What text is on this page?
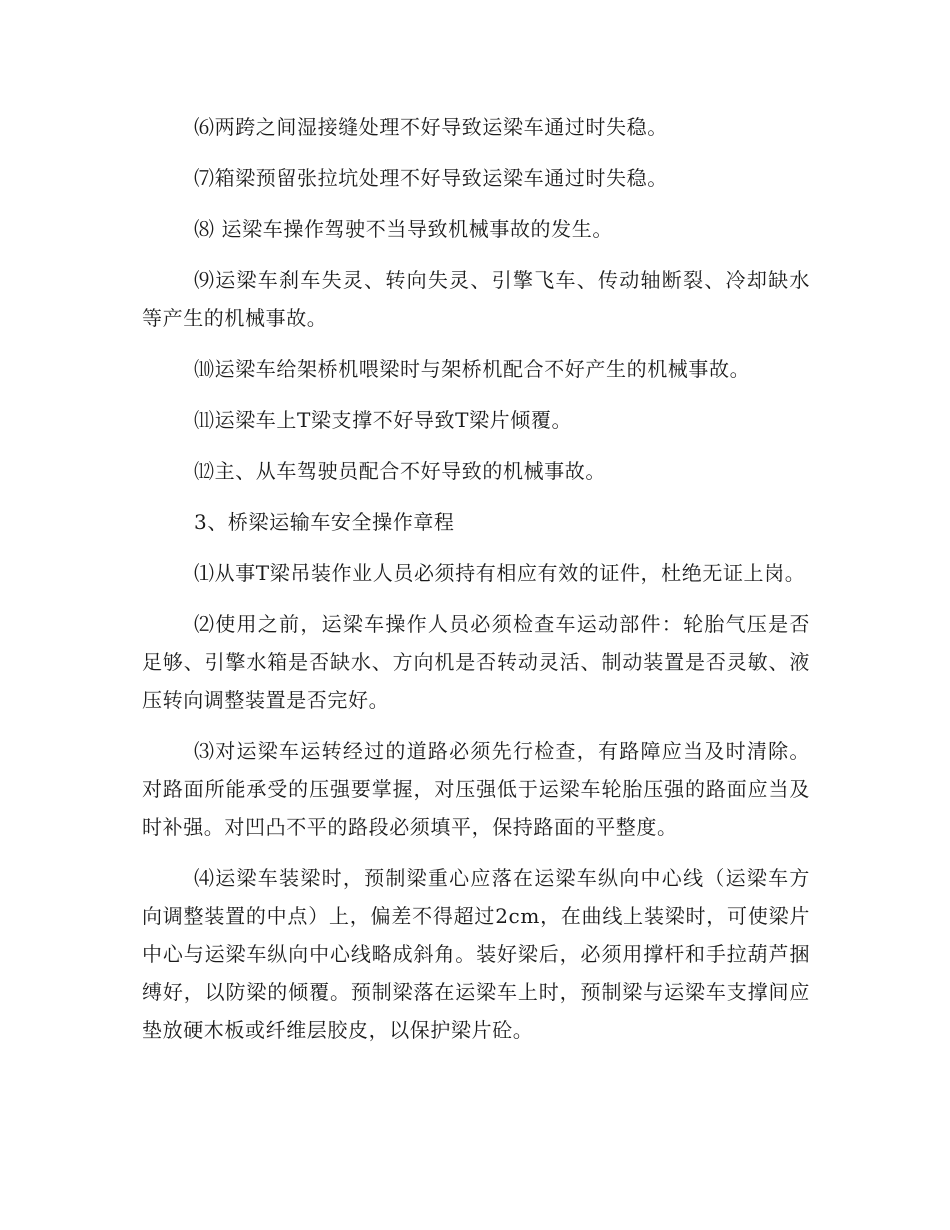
⑹两跨之间湿接缝处理不好导致运梁车通过时失稳。

⑺箱梁预留张拉坑处理不好导致运梁车通过时失稳。

⑻ 运梁车操作驾驶不当导致机械事故的发生。

⑼运梁车刹车失灵、转向失灵、引擎飞车、传动轴断裂、冷却缺水等产生的机械事故。

⑽运梁车给架桥机喂梁时与架桥机配合不好产生的机械事故。

⑾运梁车上T梁支撑不好导致T梁片倾覆。

⑿主、从车驾驶员配合不好导致的机械事故。

3、桥梁运输车安全操作章程

⑴从事T梁吊装作业人员必须持有相应有效的证件，杜绝无证上岗。

⑵使用之前，运梁车操作人员必须检查车运动部件：轮胎气压是否足够、引擎水箱是否缺水、方向机是否转动灵活、制动装置是否灵敏、液压转向调整装置是否完好。

⑶对运梁车运转经过的道路必须先行检查，有路障应当及时清除。对路面所能承受的压强要掌握，对压强低于运梁车轮胎压强的路面应当及时补强。对凹凸不平的路段必须填平，保持路面的平整度。

⑷运梁车装梁时，预制梁重心应落在运梁车纵向中心线（运梁车方向调整装置的中点）上，偏差不得超过2cm，在曲线上装梁时，可使梁片中心与运梁车纵向中心线略成斜角。装好梁后，必须用撑杆和手拉葫芦捆缚好，以防梁的倾覆。预制梁落在运梁车上时，预制梁与运梁车支撑间应垫放硬木板或纤维层胶皮，以保护梁片砼。
